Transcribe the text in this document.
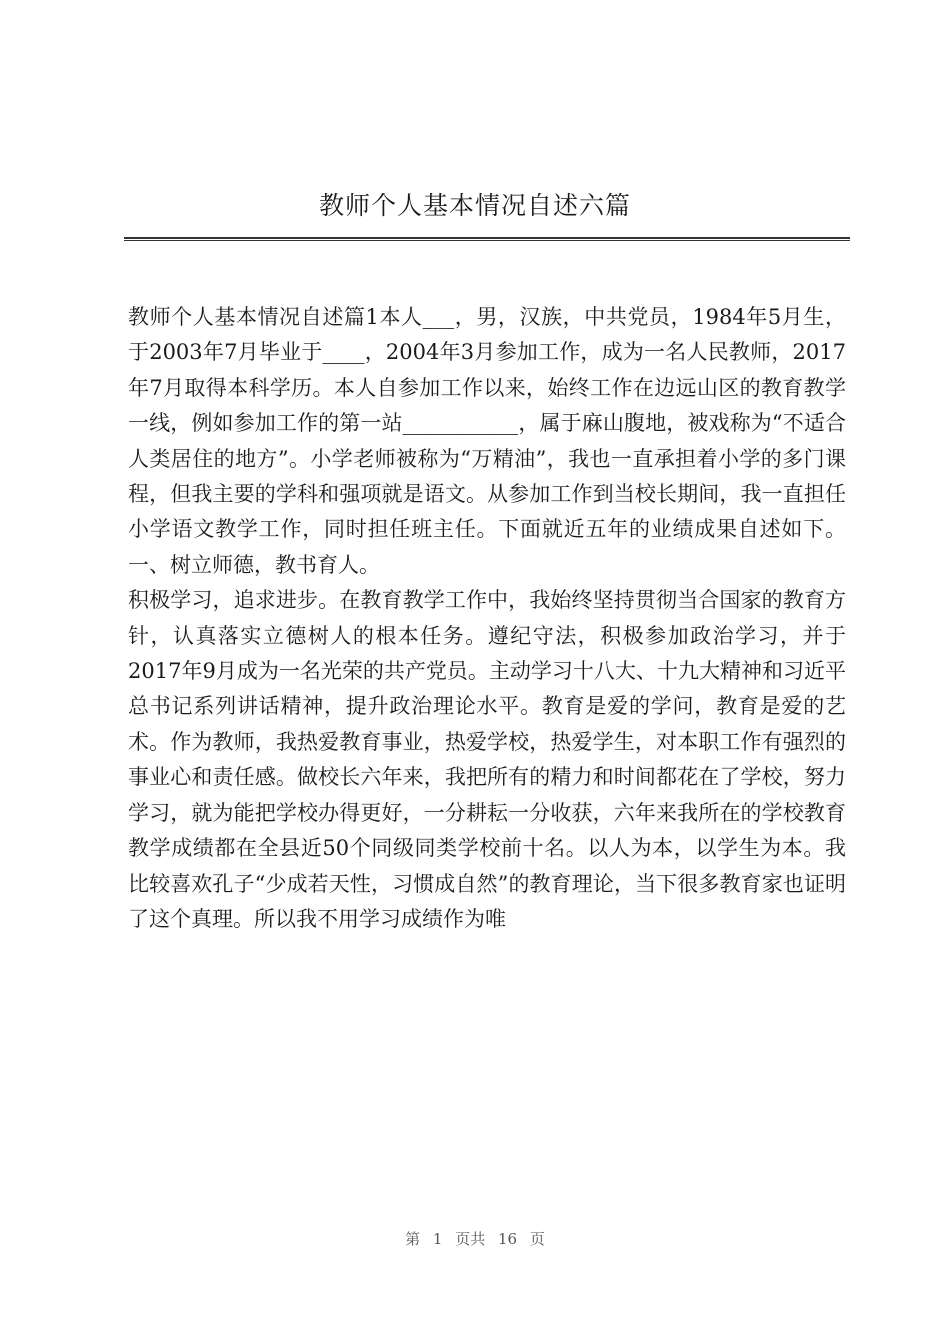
教师个人基本情况自述六篇

教师个人基本情况自述篇1本人___，男，汉族，中共党员，1984年5月生，于2003年7月毕业于____，2004年3月参加工作，成为一名人民教师，2017年7月取得本科学历。本人自参加工作以来，始终工作在边远山区的教育教学一线，例如参加工作的第一站___________，属于麻山腹地，被戏称为“不适合人类居住的地方”。小学老师被称为“万精油”，我也一直承担着小学的多门课程，但我主要的学科和强项就是语文。从参加工作到当校长期间，我一直担任小学语文教学工作，同时担任班主任。下面就近五年的业绩成果自述如下。一、树立师德，教书育人。

积极学习，追求进步。在教育教学工作中，我始终坚持贯彻当合国家的教育方针，认真落实立德树人的根本任务。遵纪守法，积极参加政治学习，并于2017年9月成为一名光荣的共产党员。主动学习十八大、十九大精神和习近平总书记系列讲话精神，提升政治理论水平。教育是爱的学问，教育是爱的艺术。作为教师，我热爱教育事业，热爱学校，热爱学生，对本职工作有强烈的事业心和责任感。做校长六年来，我把所有的精力和时间都花在了学校，努力学习，就为能把学校办得更好，一分耕耘一分收获，六年来我所在的学校教育教学成绩都在全县近50个同级同类学校前十名。以人为本，以学生为本。我比较喜欢孔子“少成若天性，习惯成自然”的教育理论，当下很多教育家也证明了这个真理。所以我不用学习成绩作为唯

第 1 页共 16 页
